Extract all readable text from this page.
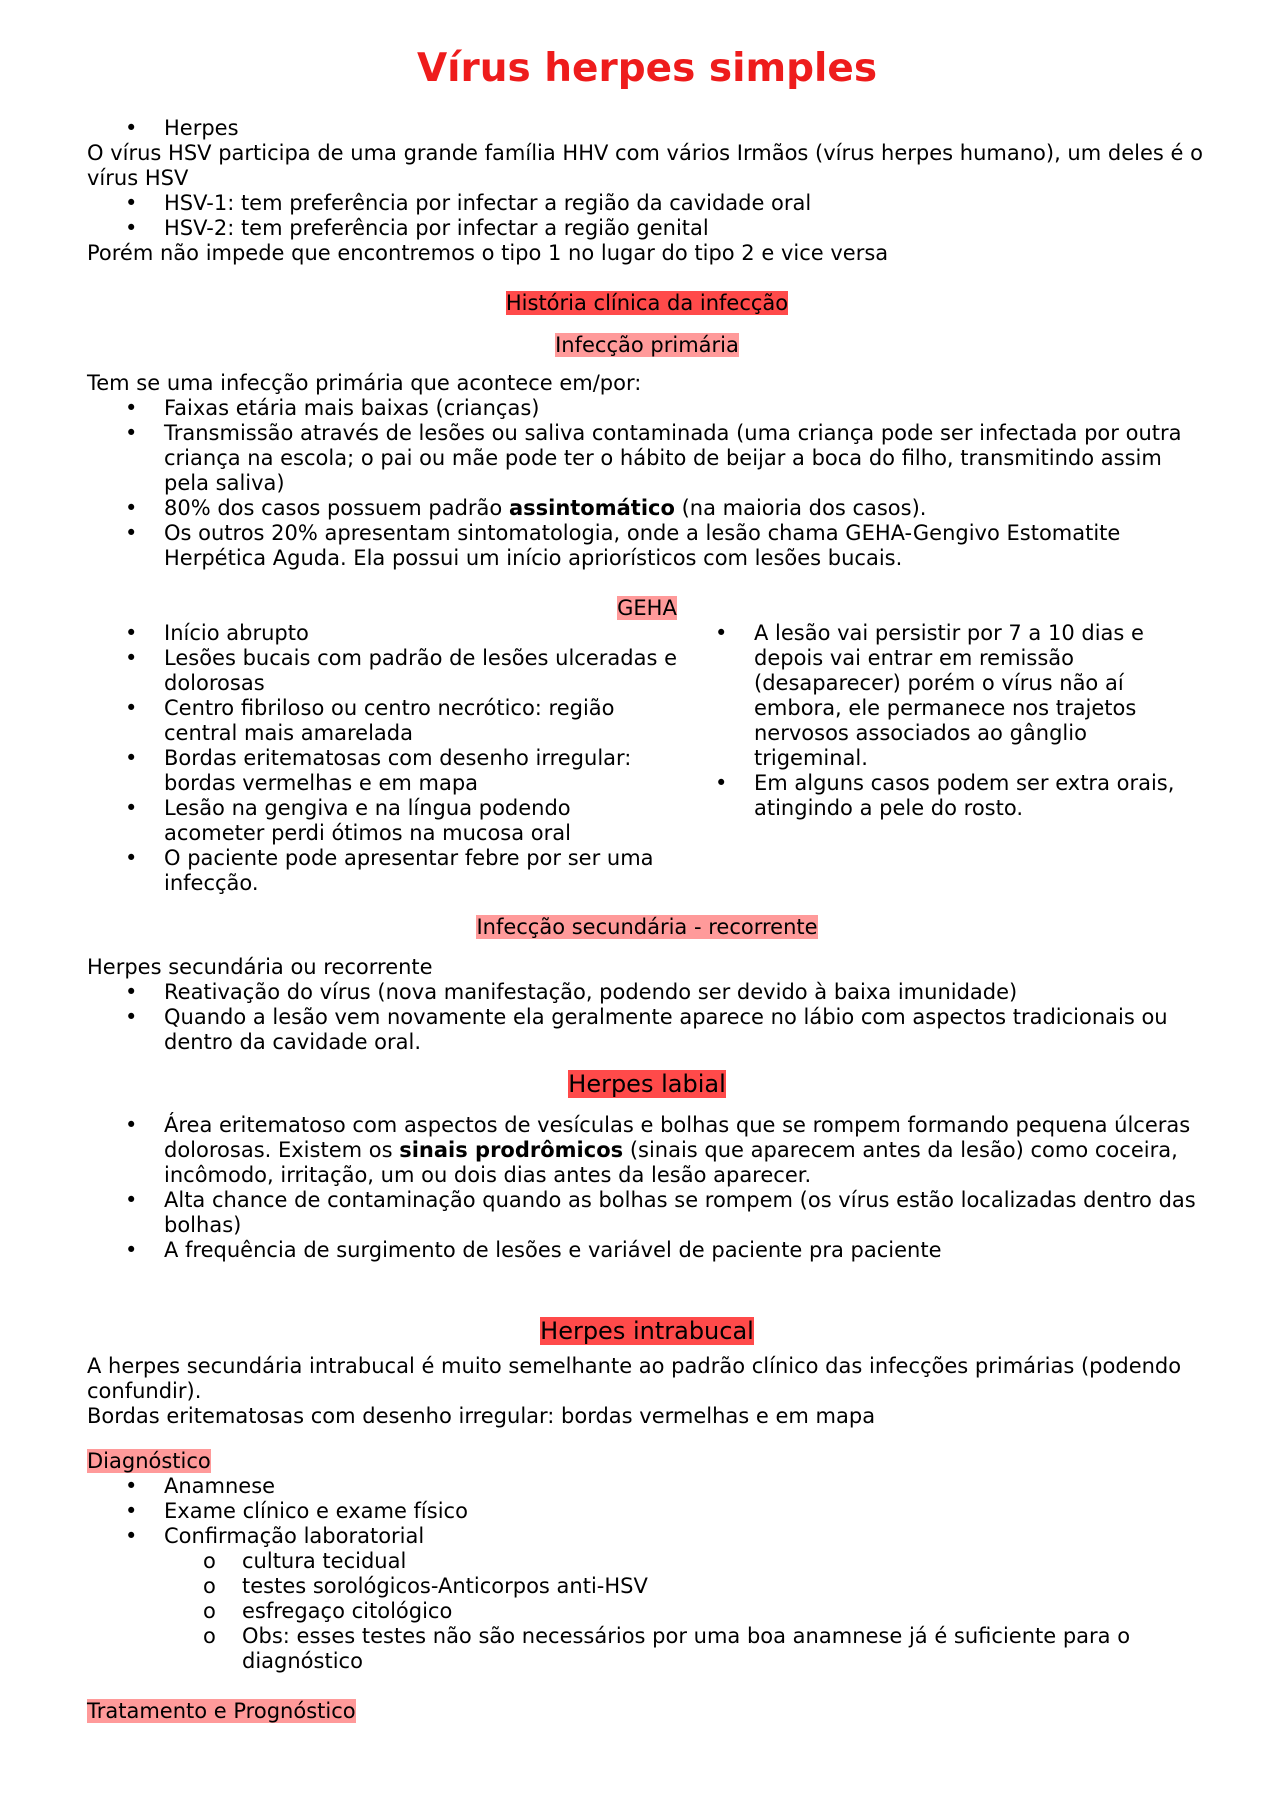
Vírus herpes simples
• Herpes

O vírus HSV participa de uma grande família HHV com vários Irmãos (vírus herpes humano), um deles é o vírus HSV

• HSV-1: tem preferência por infectar a região da cavidade oral
• HSV-2: tem preferência por infectar a região genital

Porém não impede que encontremos o tipo 1 no lugar do tipo 2 e vice versa

História clínica da infecção

Infecção primária

Tem se uma infecção primária que acontece em/por:

• Faixas etária mais baixas (crianças)
• Transmissão através de lesões ou saliva contaminada (uma criança pode ser infectada por outra criança na escola; o pai ou mãe pode ter o hábito de beijar a boca do filho, transmitindo assim pela saliva)
• 80% dos casos possuem padrão assintomático (na maioria dos casos).
• Os outros 20% apresentam sintomatologia, onde a lesão chama GEHA-Gengivo Estomatite Herpética Aguda. Ela possui um início apriorísticos com lesões bucais.

GEHA

• Início abrupto
• Lesões bucais com padrão de lesões ulceradas e dolorosas
• Centro fibriloso ou centro necrótico: região central mais amarelada
• Bordas eritematosas com desenho irregular: bordas vermelhas e em mapa
• Lesão na gengiva e na língua podendo acometer perdi ótimos na mucosa oral
• O paciente pode apresentar febre por ser uma infecção.
• A lesão vai persistir por 7 a 10 dias e depois vai entrar em remissão (desaparecer) porém o vírus não aí embora, ele permanece nos trajetos nervosos associados ao gânglio trigeminal.
• Em alguns casos podem ser extra orais, atingindo a pele do rosto.

Infecção secundária - recorrente

Herpes secundária ou recorrente

• Reativação do vírus (nova manifestação, podendo ser devido à baixa imunidade)
• Quando a lesão vem novamente ela geralmente aparece no lábio com aspectos tradicionais ou dentro da cavidade oral.

Herpes labial

• Área eritematoso com aspectos de vesículas e bolhas que se rompem formando pequena úlceras dolorosas. Existem os sinais prodrômicos (sinais que aparecem antes da lesão) como coceira, incômodo, irritação, um ou dois dias antes da lesão aparecer.
• Alta chance de contaminação quando as bolhas se rompem (os vírus estão localizadas dentro das bolhas)
• A frequência de surgimento de lesões e variável de paciente pra paciente

Herpes intrabucal

A herpes secundária intrabucal é muito semelhante ao padrão clínico das infecções primárias (podendo confundir).

Bordas eritematosas com desenho irregular: bordas vermelhas e em mapa

Diagnóstico

• Anamnese
• Exame clínico e exame físico
• Confirmação laboratorial
o cultura tecidual
o testes sorológicos-Anticorpos anti-HSV
o esfregaço citológico
o Obs: esses testes não são necessários por uma boa anamnese já é suficiente para o diagnóstico

Tratamento e Prognóstico
